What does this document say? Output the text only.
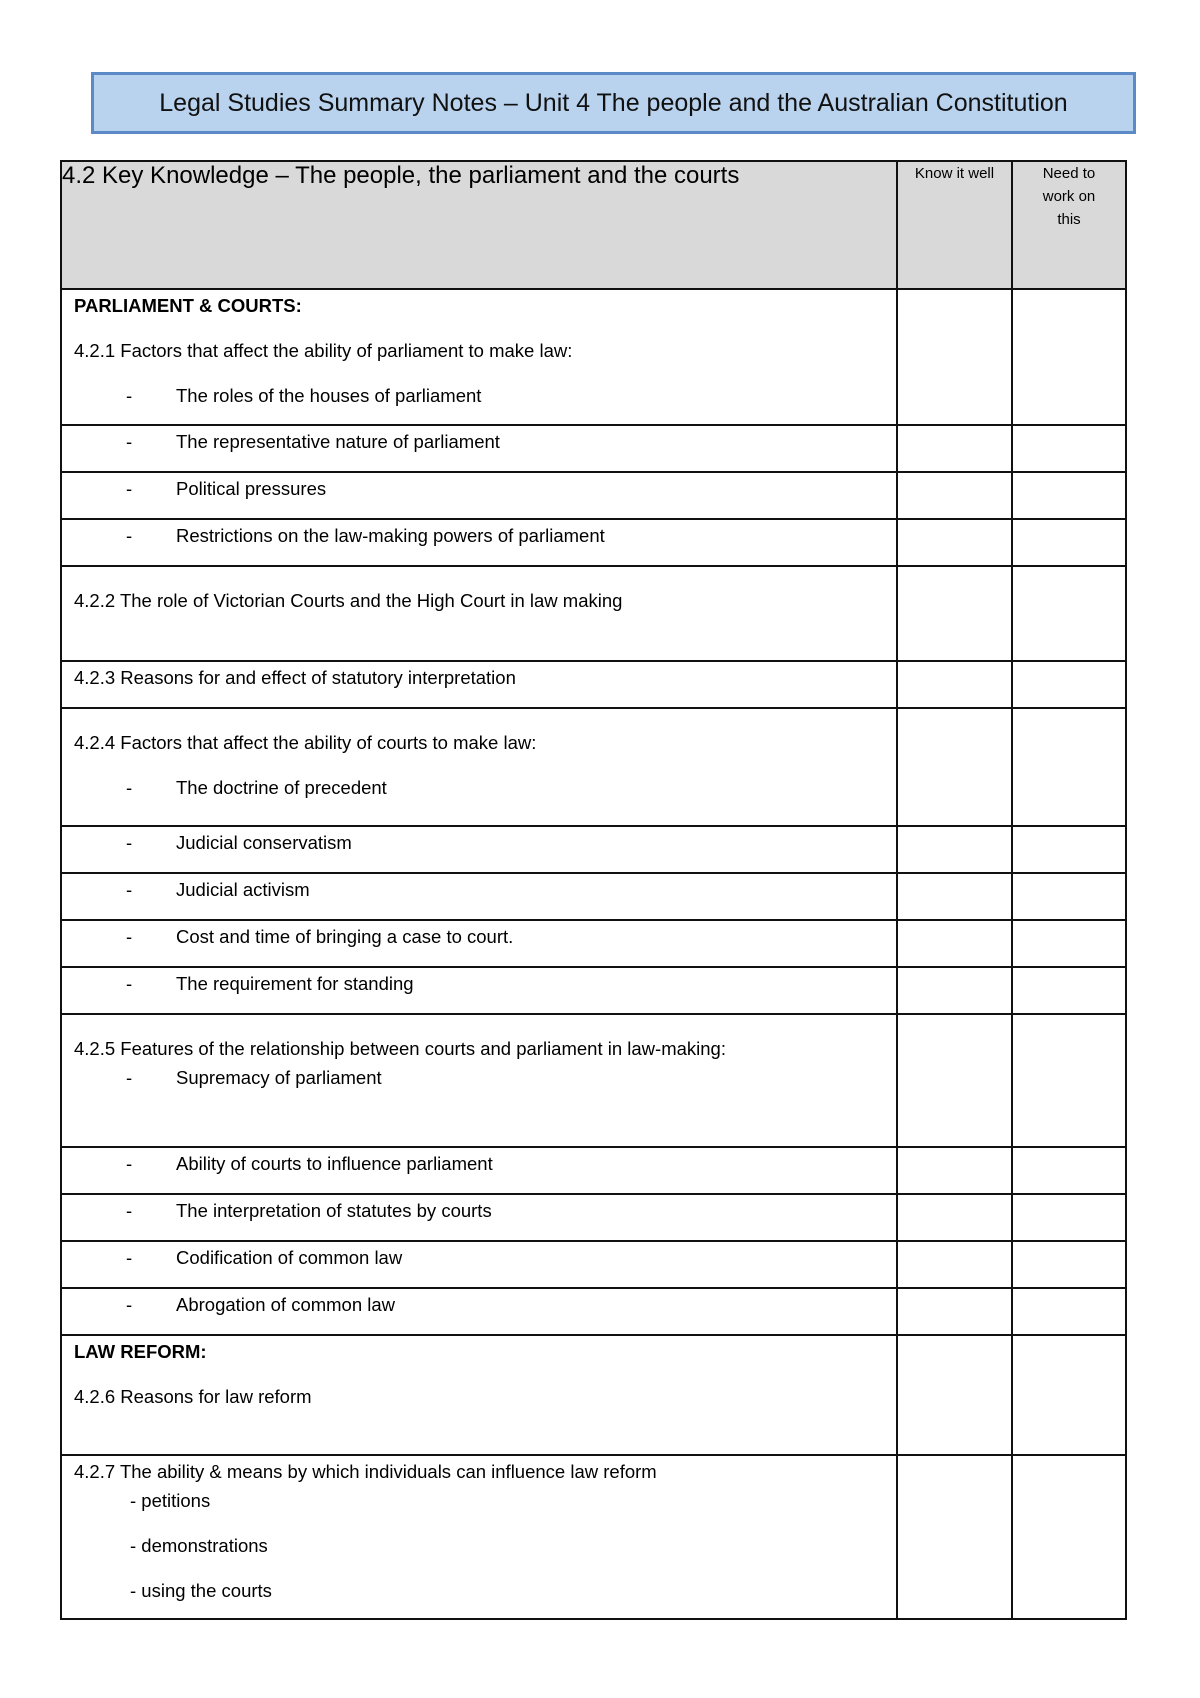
Legal Studies Summary Notes – Unit 4 The people and the Australian Constitution
4.2 Key Knowledge – The people, the parliament and the courts	Know it well	Need to
work on
this

PARLIAMENT & COURTS:
4.2.1 Factors that affect the ability of parliament to make law:
- The roles of the houses of parliament		

- The representative nature of parliament		

- Political pressures		

- Restrictions on the law-making powers of parliament		

4.2.2 The role of Victorian Courts and the High Court in law making		

4.2.3 Reasons for and effect of statutory interpretation		

4.2.4 Factors that affect the ability of courts to make law:
- The doctrine of precedent		

- Judicial conservatism		

- Judicial activism		

- Cost and time of bringing a case to court.		

- The requirement for standing		

4.2.5 Features of the relationship between courts and parliament in law-making:
- Supremacy of parliament		

- Ability of courts to influence parliament		

- The interpretation of statutes by courts		

- Codification of common law		

- Abrogation of common law		

LAW REFORM:
4.2.6 Reasons for law reform		

4.2.7 The ability & means by which individuals can influence law reform
- petitions
- demonstrations
- using the courts		
